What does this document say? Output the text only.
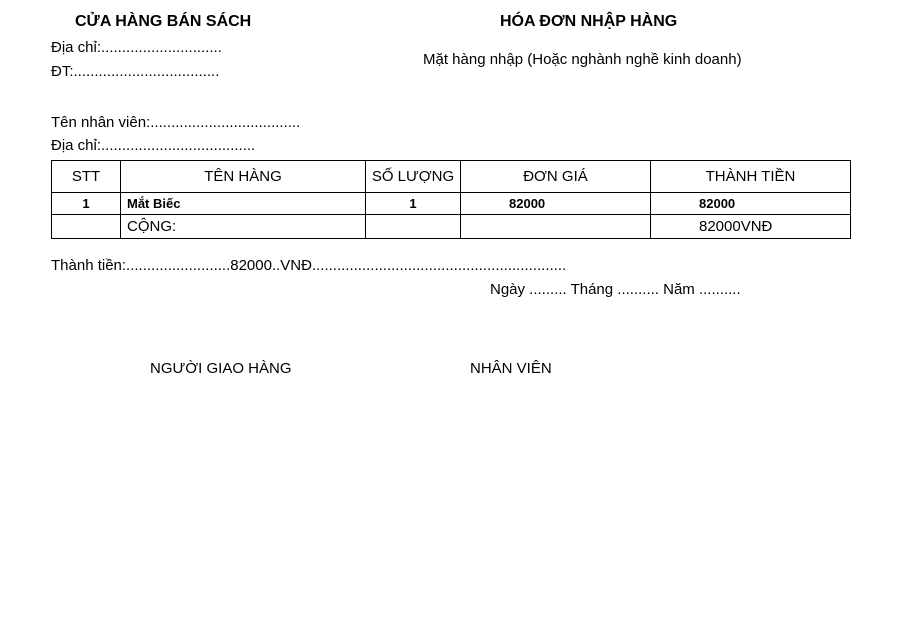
CỬA HÀNG BÁN SÁCH	HÓA ĐƠN NHẬP HÀNG
Địa chỉ:.............................
ĐT:...................................
Mặt hàng nhập (Hoặc nghành nghề kinh doanh)
Tên nhân viên:....................................
Địa chỉ:.....................................
STT	TÊN HÀNG	SỐ LƯỢNG	ĐƠN GIÁ	THÀNH TIỀN
1	Mắt Biếc	1	82000	82000
	CỘNG:			82000VNĐ
Thành tiền:.........................82000..VNĐ.............................................................
Ngày ......... Tháng .......... Năm ..........
NGƯỜI GIAO HÀNG	NHÂN VIÊN
